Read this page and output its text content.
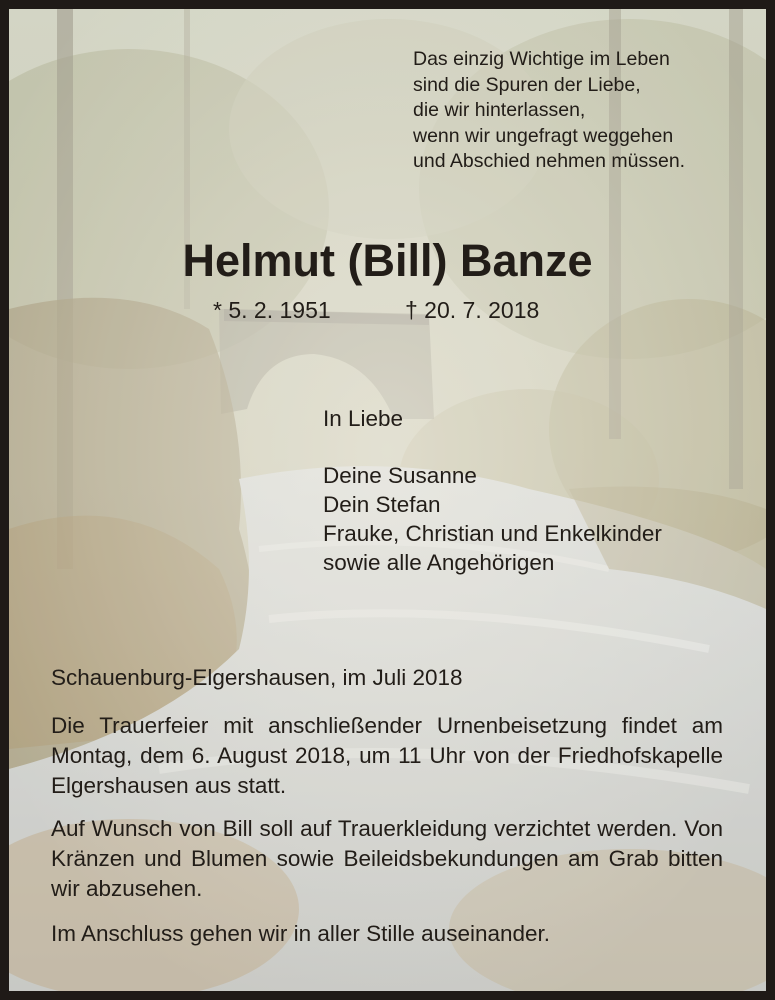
Das einzig Wichtige im Leben
sind die Spuren der Liebe,
die wir hinterlassen,
wenn wir ungefragt weggehen
und Abschied nehmen müssen.
Helmut (Bill) Banze
* 5. 2. 1951	† 20. 7. 2018
In Liebe
Deine Susanne
Dein Stefan
Frauke, Christian und Enkelkinder
sowie alle Angehörigen
Schauenburg-Elgershausen, im Juli 2018
Die Trauerfeier mit anschließender Urnenbeisetzung findet am Montag, dem 6. August 2018, um 11 Uhr von der Friedhofskapelle Elgershausen aus statt.
Auf Wunsch von Bill soll auf Trauerkleidung verzichtet werden. Von Kränzen und Blumen sowie Beileidsbekundungen am Grab bitten wir abzusehen.
Im Anschluss gehen wir in aller Stille auseinander.
